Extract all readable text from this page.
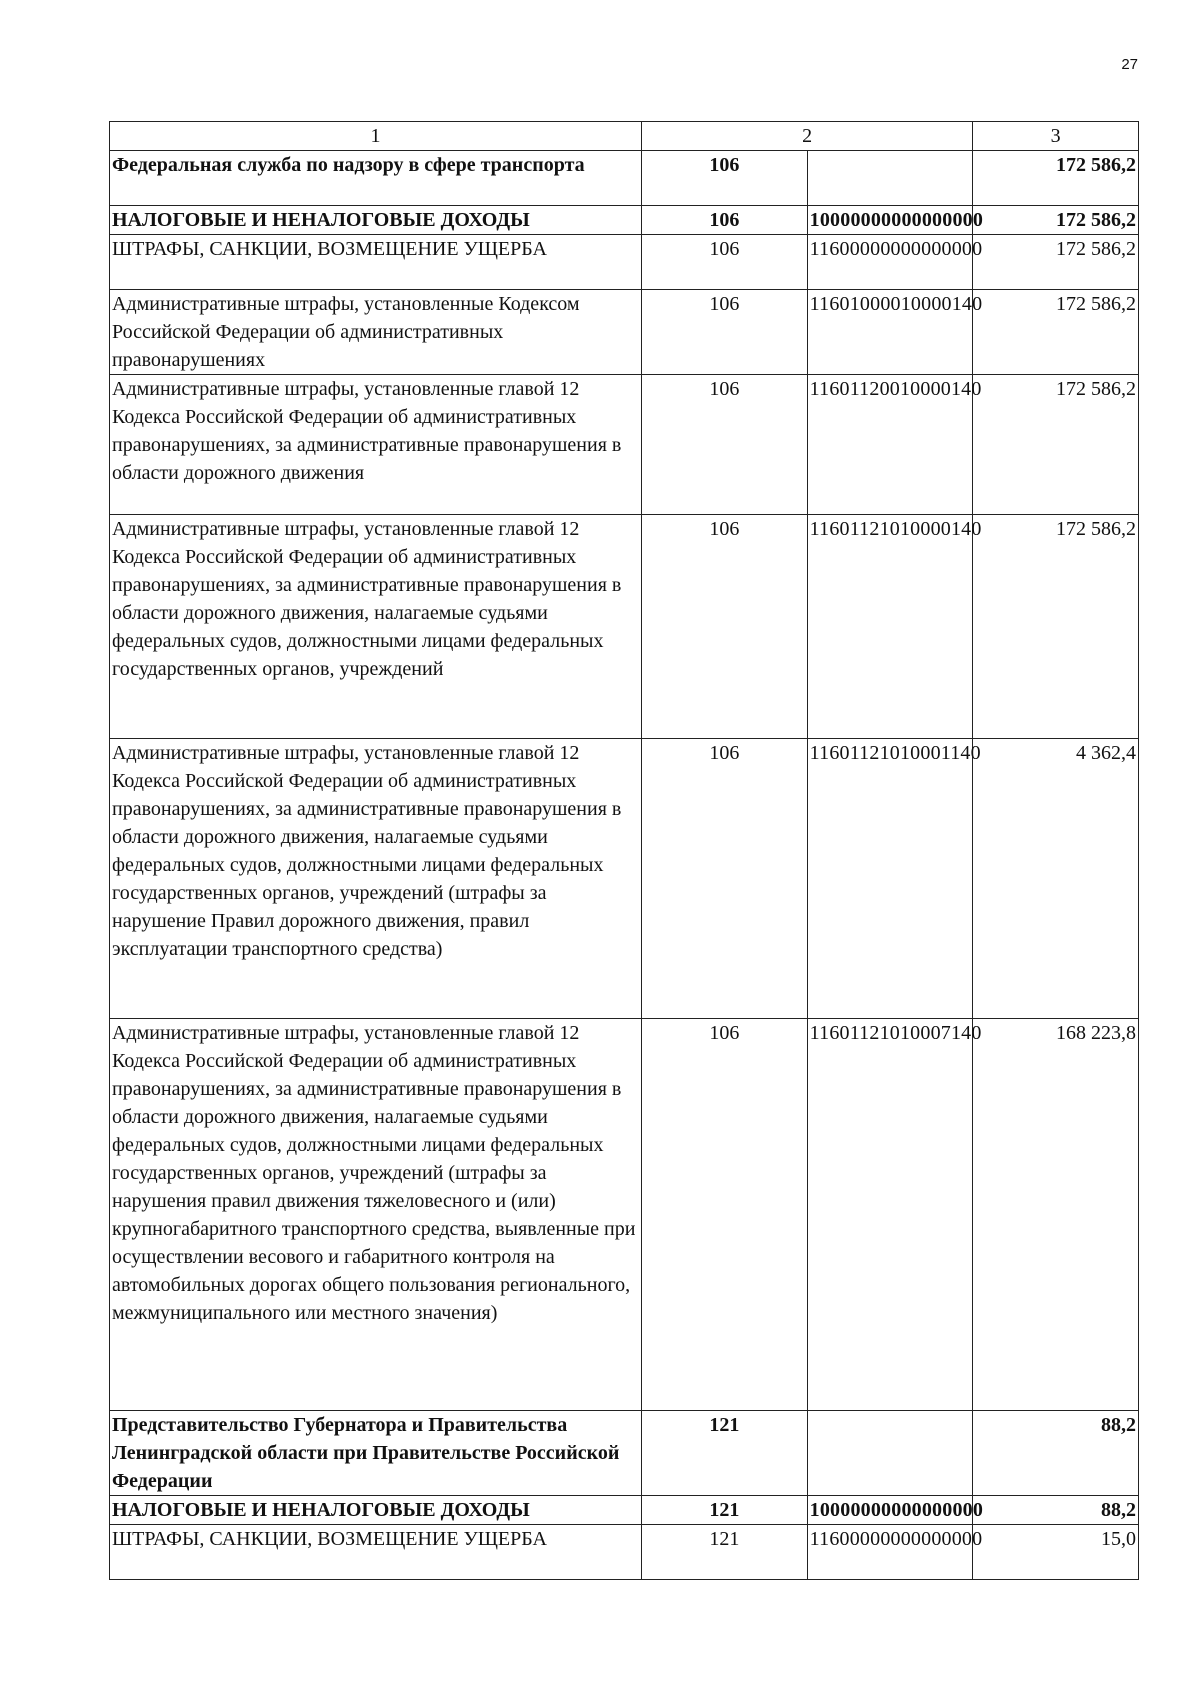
27
1	2		3
Федеральная служба по надзору в сфере транспорта	106		172 586,2
НАЛОГОВЫЕ И НЕНАЛОГОВЫЕ ДОХОДЫ	106	10000000000000000	172 586,2
ШТРАФЫ, САНКЦИИ, ВОЗМЕЩЕНИЕ УЩЕРБА	106	11600000000000000	172 586,2
Административные штрафы, установленные Кодексом Российской Федерации об административных правонарушениях	106	11601000010000140	172 586,2
Административные штрафы, установленные главой 12 Кодекса Российской Федерации об административных правонарушениях, за административные правонарушения в области дорожного движения	106	11601120010000140	172 586,2
Административные штрафы, установленные главой 12 Кодекса Российской Федерации об административных правонарушениях, за административные правонарушения в области дорожного движения, налагаемые судьями федеральных судов, должностными лицами федеральных государственных органов, учреждений	106	11601121010000140	172 586,2
Административные штрафы, установленные главой 12 Кодекса Российской Федерации об административных правонарушениях, за административные правонарушения в области дорожного движения, налагаемые судьями федеральных судов, должностными лицами федеральных государственных органов, учреждений (штрафы за нарушение Правил дорожного движения, правил эксплуатации транспортного средства)	106	11601121010001140	4 362,4
Административные штрафы, установленные главой 12 Кодекса Российской Федерации об административных правонарушениях, за административные правонарушения в области дорожного движения, налагаемые судьями федеральных судов, должностными лицами федеральных государственных органов, учреждений (штрафы за нарушения правил движения тяжеловесного и (или) крупногабаритного транспортного средства, выявленные при осуществлении весового и габаритного контроля на автомобильных дорогах общего пользования регионального, межмуниципального или местного значения)	106	11601121010007140	168 223,8
Представительство Губернатора и Правительства Ленинградской области при Правительстве Российской Федерации	121		88,2
НАЛОГОВЫЕ И НЕНАЛОГОВЫЕ ДОХОДЫ	121	10000000000000000	88,2
ШТРАФЫ, САНКЦИИ, ВОЗМЕЩЕНИЕ УЩЕРБА	121	11600000000000000	15,0
